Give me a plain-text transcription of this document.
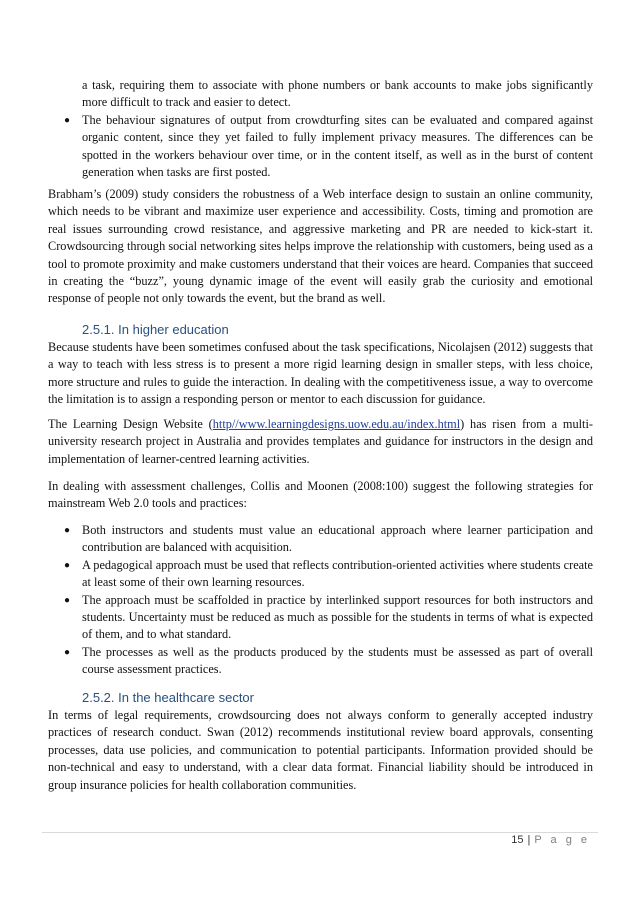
a task, requiring them to associate with phone numbers or bank accounts to make jobs significantly more difficult to track and easier to detect.

● The behaviour signatures of output from crowdturfing sites can be evaluated and compared against organic content, since they yet failed to fully implement privacy measures. The differences can be spotted in the workers behaviour over time, or in the content itself, as well as in the burst of content generation when tasks are first posted.

Brabham’s (2009) study considers the robustness of a Web interface design to sustain an online community, which needs to be vibrant and maximize user experience and accessibility. Costs, timing and promotion are real issues surrounding crowd resistance, and aggressive marketing and PR are needed to kick-start it. Crowdsourcing through social networking sites helps improve the relationship with customers, being used as a tool to promote proximity and make customers understand that their voices are heard. Companies that succeed in creating the “buzz”, young dynamic image of the event will easily grab the curiosity and emotional response of people not only towards the event, but the brand as well.

2.5.1. In higher education

Because students have been sometimes confused about the task specifications, Nicolajsen (2012) suggests that a way to teach with less stress is to present a more rigid learning design in smaller steps, with less choice, more structure and rules to guide the interaction. In dealing with the competitiveness issue, a way to overcome the limitation is to assign a responding person or mentor to each discussion for guidance.

The Learning Design Website (http//www.learningdesigns.uow.edu.au/index.html) has risen from a multi-university research project in Australia and provides templates and guidance for instructors in the design and implementation of learner-centred learning activities.

In dealing with assessment challenges, Collis and Moonen (2008:100) suggest the following strategies for mainstream Web 2.0 tools and practices:

● Both instructors and students must value an educational approach where learner participation and contribution are balanced with acquisition.
● A pedagogical approach must be used that reflects contribution-oriented activities where students create at least some of their own learning resources.
● The approach must be scaffolded in practice by interlinked support resources for both instructors and students. Uncertainty must be reduced as much as possible for the students in terms of what is expected of them, and to what standard.
● The processes as well as the products produced by the students must be assessed as part of overall course assessment practices.
2.5.2. In the healthcare sector

In terms of legal requirements, crowdsourcing does not always conform to generally accepted industry practices of research conduct. Swan (2012) recommends institutional review board approvals, consenting processes, data use policies, and communication to potential participants. Information provided should be non-technical and easy to understand, with a clear data format. Financial liability should be introduced in group insurance policies for health collaboration communities.

15 | P a g e
